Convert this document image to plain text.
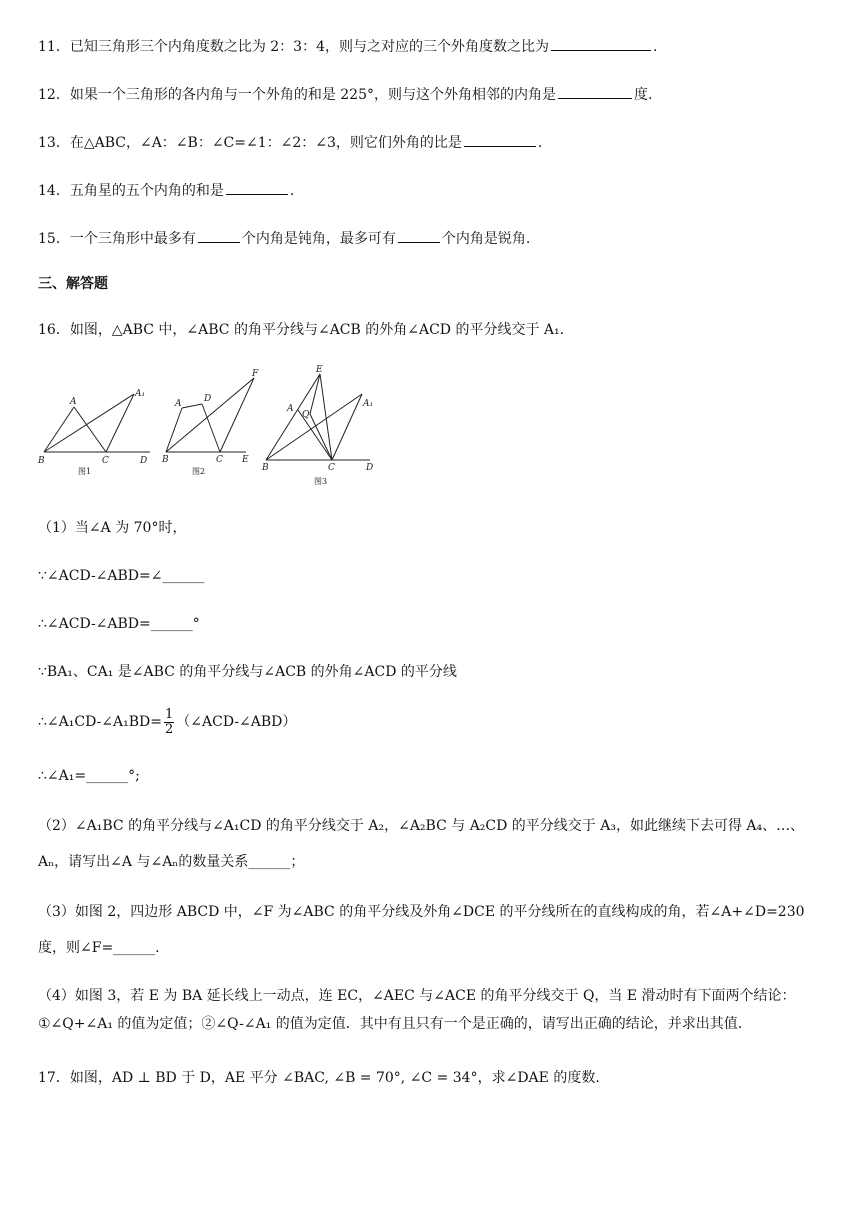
11．已知三角形三个内角度数之比为 2：3：4，则与之对应的三个外角度数之比为	.
12．如果一个三角形的各内角与一个外角的和是 225°，则与这个外角相邻的内角是	度.
13．在△ABC，∠A：∠B：∠C=∠1：∠2：∠3，则它们外角的比是	.
14．五角星的五个内角的和是	.
15．一个三角形中最多有	个内角是钝角，最多可有	个内角是锐角.
三、解答题
16．如图，△ABC 中，∠ABC 的角平分线与∠ACB 的外角∠ACD 的平分线交于 A₁.
A
A₁
B	C	D
A	D
F
B	C E
E
A
Q
A₁
B	C	D
图1	图2
图3
（1）当∠A 为 70°时，
∵∠ACD-∠ABD=∠______
∴∠ACD-∠ABD=______°
∵BA₁、CA₁ 是∠ABC 的角平分线与∠ACB 的外角∠ACD 的平分线
∴∠A₁CD-∠A₁BD= $\frac{1}{2}$ （∠ACD-∠ABD）
∴∠A₁=______°;
（2）∠A₁BC 的角平分线与∠A₁CD 的角平分线交于 A₂，∠A₂BC 与 A₂CD 的平分线交于 A₃，如此继续下去可得 A₄、…、
Aₙ，请写出∠A 与∠Aₙ的数量关系______；
（3）如图 2，四边形 ABCD 中，∠F 为∠ABC 的角平分线及外角∠DCE 的平分线所在的直线构成的角，若∠A+∠D=230
度，则∠F=______.
（4）如图 3，若 E 为 BA 延长线上一动点，连 EC，∠AEC 与∠ACE 的角平分线交于 Q，当 E 滑动时有下面两个结论：
①∠Q+∠A₁ 的值为定值；②∠Q-∠A₁ 的值为定值．其中有且只有一个是正确的，请写出正确的结论，并求出其值.
17．如图，AD ⊥ BD 于 D，AE 平分 ∠BAC, ∠B = 70°, ∠C = 34°，求∠DAE 的度数.
